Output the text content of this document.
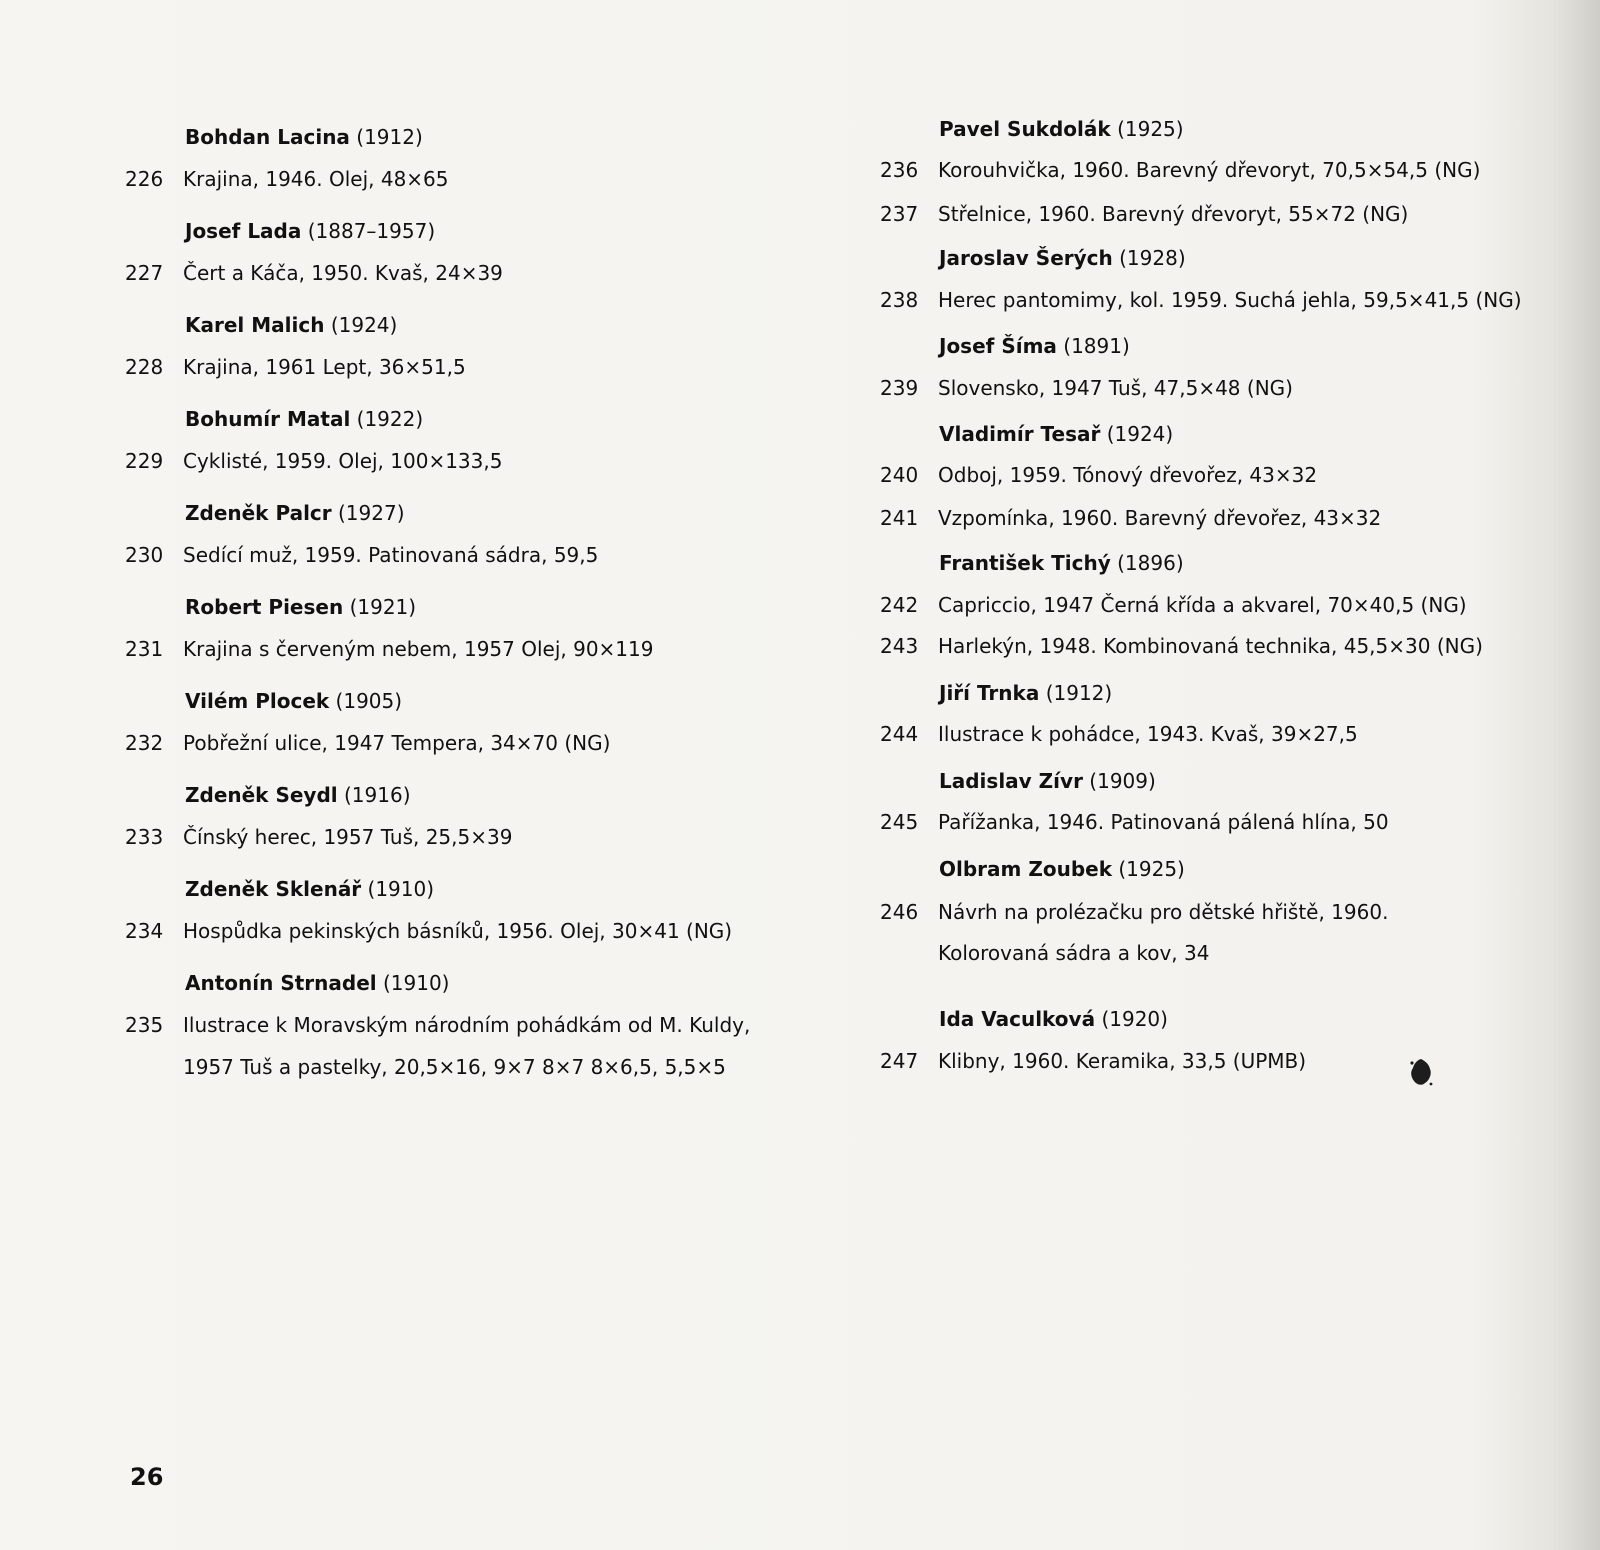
Bohdan Lacina (1912)
226 Krajina, 1946. Olej, 48×65
Josef Lada (1887–1957)
227 Čert a Káča, 1950. Kvaš, 24×39
Karel Malich (1924)
228 Krajina, 1961 Lept, 36×51,5
Bohumír Matal (1922)
229 Cyklisté, 1959. Olej, 100×133,5
Zdeněk Palcr (1927)
230 Sedící muž, 1959. Patinovaná sádra, 59,5
Robert Piesen (1921)
231 Krajina s červeným nebem, 1957 Olej, 90×119
Vilém Plocek (1905)
232 Pobřežní ulice, 1947 Tempera, 34×70 (NG)
Zdeněk Seydl (1916)
233 Čínský herec, 1957 Tuš, 25,5×39
Zdeněk Sklenář (1910)
234 Hospůdka pekinských básníků, 1956. Olej, 30×41 (NG)
Antonín Strnadel (1910)
235 Ilustrace k Moravským národním pohádkám od M. Kuldy,
1957 Tuš a pastelky, 20,5×16, 9×7 8×7 8×6,5, 5,5×5
Pavel Sukdolák (1925)
236 Korouhvička, 1960. Barevný dřevoryt, 70,5×54,5 (NG)
237 Střelnice, 1960. Barevný dřevoryt, 55×72 (NG)
Jaroslav Šerých (1928)
238 Herec pantomimy, kol. 1959. Suchá jehla, 59,5×41,5 (NG)
Josef Šíma (1891)
239 Slovensko, 1947 Tuš, 47,5×48 (NG)
Vladimír Tesař (1924)
240 Odboj, 1959. Tónový dřevořez, 43×32
241 Vzpomínka, 1960. Barevný dřevořez, 43×32
František Tichý (1896)
242 Capriccio, 1947 Černá křída a akvarel, 70×40,5 (NG)
243 Harlekýn, 1948. Kombinovaná technika, 45,5×30 (NG)
Jiří Trnka (1912)
244 Ilustrace k pohádce, 1943. Kvaš, 39×27,5
Ladislav Zívr (1909)
245 Pařížanka, 1946. Patinovaná pálená hlína, 50
Olbram Zoubek (1925)
246 Návrh na prolézačku pro dětské hřiště, 1960.
Kolorovaná sádra a kov, 34
Ida Vaculková (1920)
247 Klibny, 1960. Keramika, 33,5 (UPMB)
26
